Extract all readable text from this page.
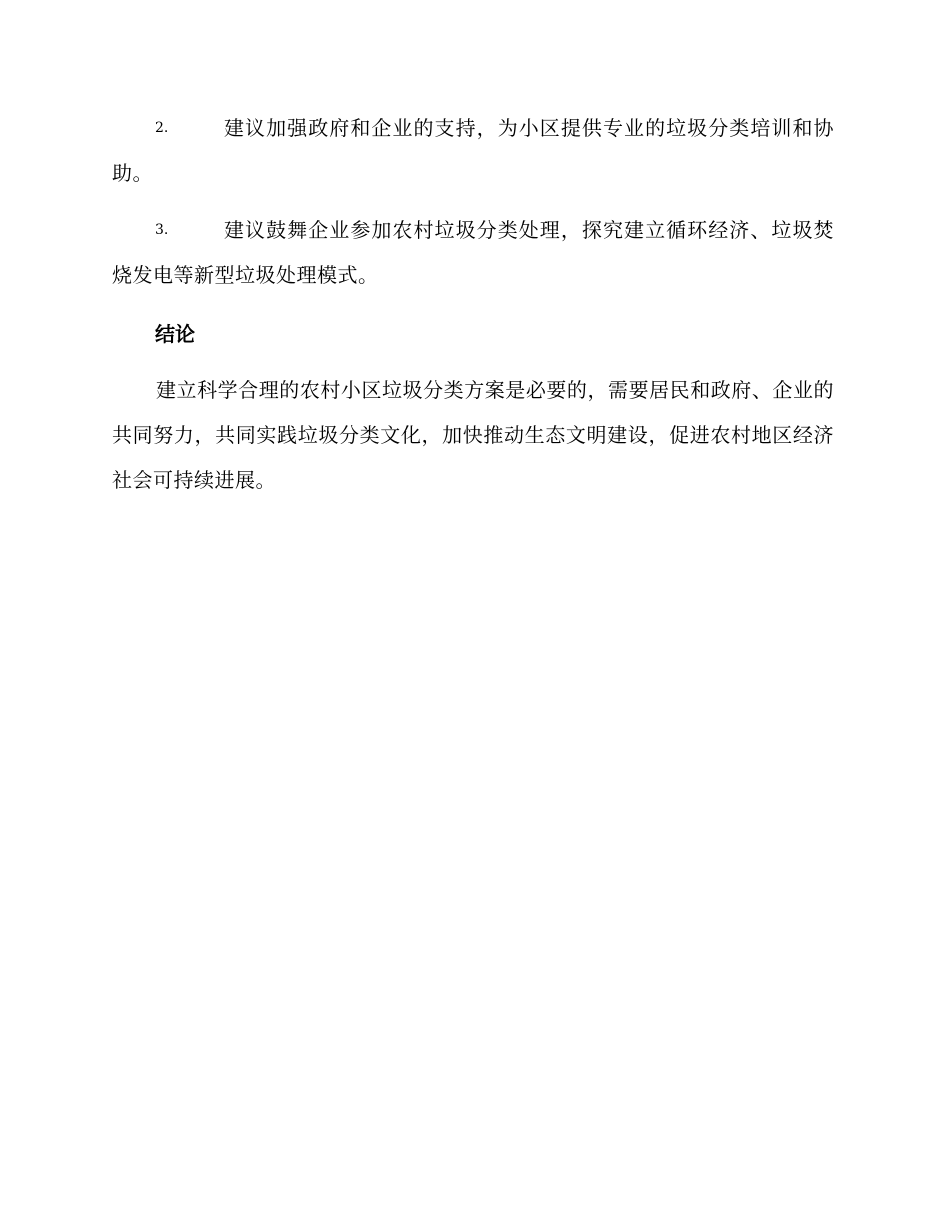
2.	建议加强政府和企业的支持，为小区提供专业的垃圾分类培训和协助。
3.	建议鼓舞企业参加农村垃圾分类处理，探究建立循环经济、垃圾焚烧发电等新型垃圾处理模式。
结论
建立科学合理的农村小区垃圾分类方案是必要的，需要居民和政府、企业的共同努力，共同实践垃圾分类文化，加快推动生态文明建设，促进农村地区经济社会可持续进展。
